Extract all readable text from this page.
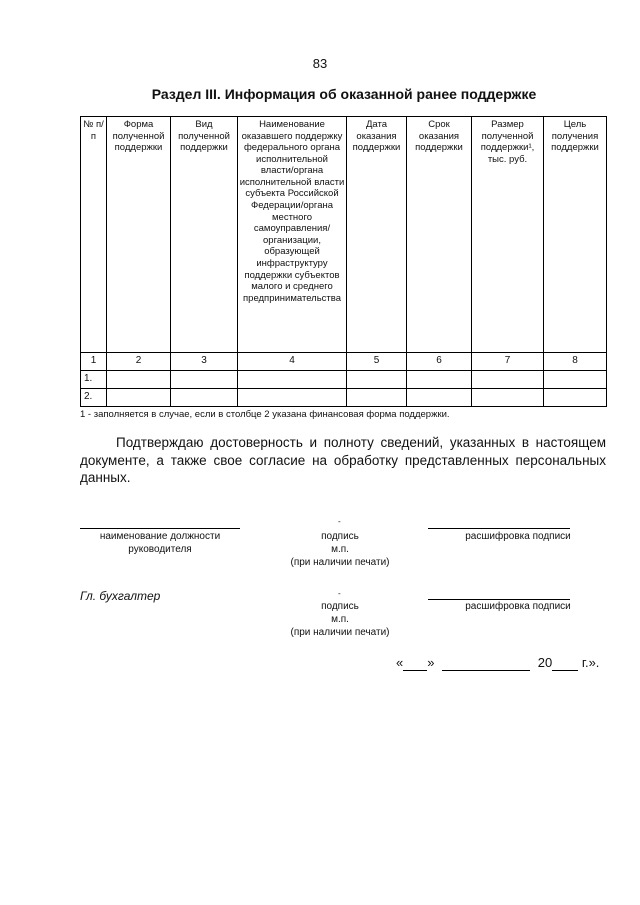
83
Раздел III. Информация об оказанной ранее поддержке
№ п/п	Форма полученной поддержки	Вид полученной поддержки	Наименование оказавшего поддержку федерального органа исполнительной власти/органа исполнительной власти субъекта Российской Федерации/органа местного самоуправления/ организации, образующей инфраструктуру поддержки субъектов малого и среднего предпринимательства	Дата оказания поддержки	Срок оказания поддержки	Размер полученной поддержки¹, тыс. руб.	Цель получения поддержки
1	2	3	4	5	6	7	8
1.							
2.							
1 - заполняется в случае, если в столбце 2 указана финансовая форма поддержки.
Подтверждаю достоверность и полноту сведений, указанных в настоящем документе, а также свое согласие на обработку представленных персональных данных.
наименование должности
руководителя
-
подпись
м.п.
(при наличии печати)
расшифровка подписи
Гл. бухгалтер	-
подпись
м.п.
(при наличии печати)
расшифровка подписи
« »	20 г.».
